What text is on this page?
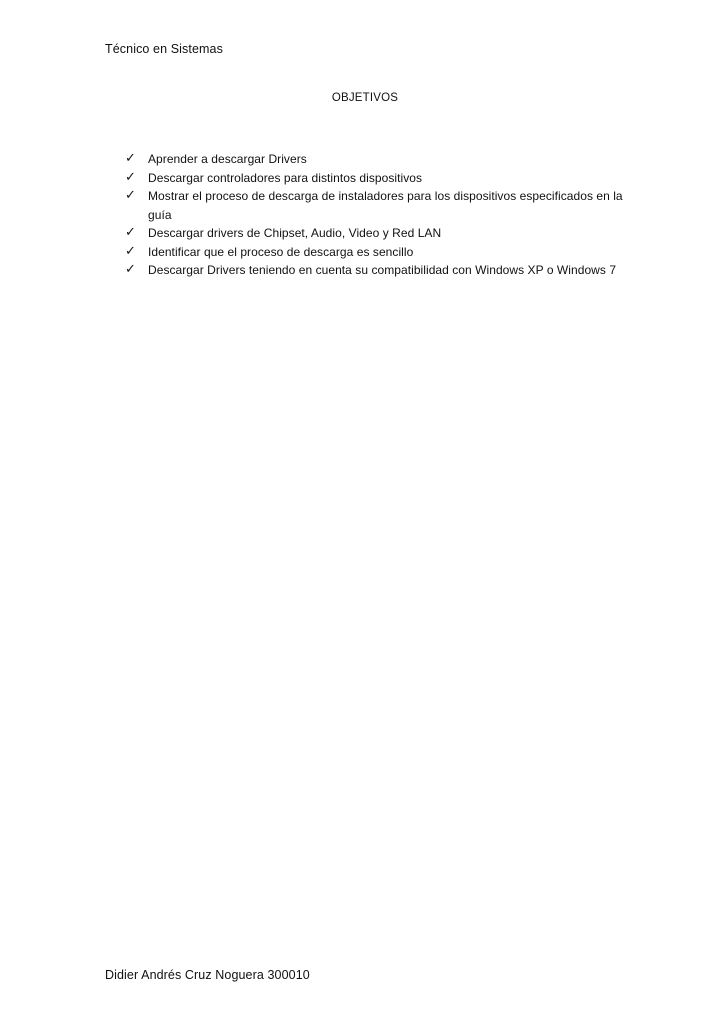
Técnico en Sistemas
OBJETIVOS
✓ Aprender a descargar Drivers
✓ Descargar controladores para distintos dispositivos
✓ Mostrar el proceso de descarga de instaladores para los dispositivos especificados en la guía
✓ Descargar drivers de Chipset, Audio, Video y Red LAN
✓ Identificar que el proceso de descarga es sencillo
✓ Descargar Drivers teniendo en cuenta su compatibilidad con Windows XP o Windows 7
Didier Andrés Cruz Noguera 300010
